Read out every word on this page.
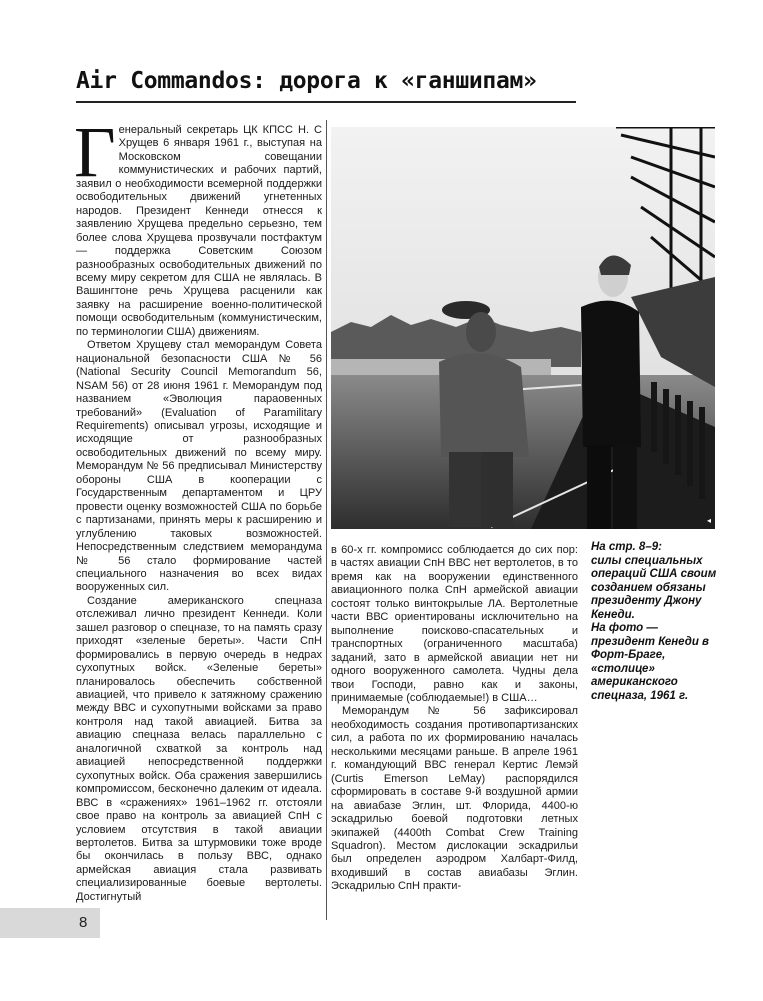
Air Commandos: дорога к «ганшипам»

Генеральный секретарь ЦК КПСС Н. С Хрущев 6 января 1961 г., выступая на Московском совещании коммунистических и рабочих партий, заявил о необходимости всемерной поддержки освободительных движений угнетенных народов. Президент Кеннеди отнесся к заявлению Хрущева предельно серьезно, тем более слова Хрущева прозвучали постфактум — поддержка Советским Союзом разнообразных освободительных движений по всему миру секретом для США не являлась. В Вашингтоне речь Хрущева расценили как заявку на расширение военно-политической помощи освободительным (коммунистическим, по терминологии США) движениям.

Ответом Хрущеву стал меморандум Совета национальной безопасности США № 56 (National Security Council Memorandum 56, NSAM 56) от 28 июня 1961 г. Меморандум под названием «Эволюция параовенных требований» (Evaluation of Paramilitary Requirements) описывал угрозы, исходящие и исходящие от разнообразных освободительных движений по всему миру. Меморандум № 56 предписывал Министерству обороны США в кооперации с Государственным департаментом и ЦРУ провести оценку возможностей США по борьбе с партизанами, принять меры к расширению и углублению таковых возможностей. Непосредственным следствием меморандума № 56 стало формирование частей специального назначения во всех видах вооруженных сил.

Создание американского спецназа отслеживал лично президент Кеннеди. Коли зашел разговор о спецназе, то на память сразу приходят «зеленые береты». Части СпН формировались в первую очередь в недрах сухопутных войск. «Зеленые береты» планировалось обеспечить собственной авиацией, что привело к затяжному сражению между ВВС и сухопутными войсками за право контроля над такой авиацией. Битва за авиацию спецназа велась параллельно с аналогичной схваткой за контроль над авиацией непосредственной поддержки сухопутных войск. Оба сражения завершились компромиссом, бесконечно далеким от идеала. ВВС в «сражениях» 1961–1962 гг. отстояли свое право на контроль за авиацией СпН с условием отсутствия в такой авиации вертолетов. Битва за штурмовики тоже вроде бы окончилась в пользу ВВС, однако армейская авиация стала развивать специализированные боевые вертолеты. Достигнутый

◂

в 60-х гг. компромисс соблюдается до сих пор: в частях авиации СпН ВВС нет вертолетов, в то время как на вооружении единственного авиационного полка СпН армейской авиации состоят только винтокрылые ЛА. Вертолетные части ВВС ориентированы исключительно на выполнение поисково-спасательных и транспортных (ограниченного масштаба) заданий, зато в армейской авиации нет ни одного вооруженного самолета. Чудны дела твои Господи, равно как и законы, принимаемые (соблюдаемые!) в США…

Меморандум № 56 зафиксировал необходимость создания противопартизанских сил, а работа по их формированию началась несколькими месяцами раньше. В апреле 1961 г. командующий ВВС генерал Кертис Лемэй (Curtis Emerson LeMay) распорядился сформировать в составе 9-й воздушной армии на авиабазе Эглин, шт. Флорида, 4400-ю эскадрилью боевой подготовки летных экипажей (4400th Combat Crew Training Squadron). Местом дислокации эскадрильи был определен аэродром Халбарт-Филд, входивший в состав авиабазы Эглин. Эскадрилью СпН практи-

На стр. 8–9:
силы специальных операций США своим созданием обязаны президенту Джону Кенеди.
На фото — президент Кенеди в Форт-Брагe, «столице» американского спецназа, 1961 г.
8
